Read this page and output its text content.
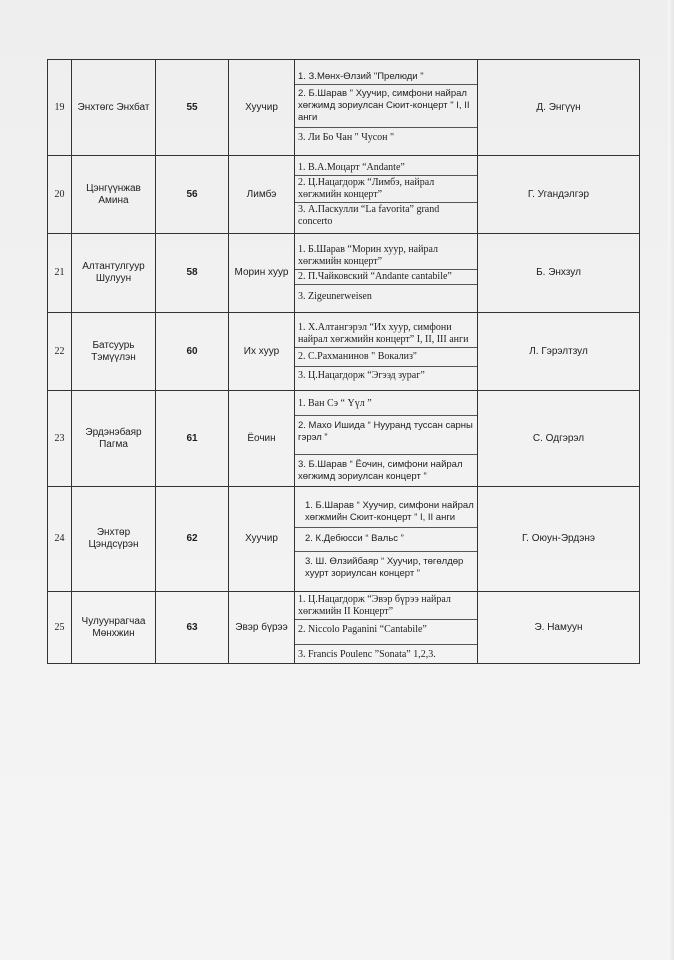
19	Энхтөгс Энхбат	55	Хуучир	1. З.Мөнх-Өлзий "Прелюди "
2. Б.Шарав " Хуучир, симфони найрал хөгжимд зориулсан Сюит-концерт " I, II анги
3. Ли Бо Чан " Чусон "	Д. Энгүүн
20	Цэнгүүнжав Амина	56	Лимбэ	1. В.А.Моцарт “Andante”
2. Ц.Нацагдорж “Лимбэ, найрал хөгжмийн концерт”
3. А.Паскулли “La favorita” grand concerto	Г. Угандэлгэр
21	Алтантулгуур Шулуун	58	Морин хуур	1. Б.Шарав “Морин хуур, найрал хөгжмийн концерт”
2. П.Чайковский “Andante cantabile”
3. Zigeunerweisen	Б. Энхзул
22	Батсуурь Тэмүүлэн	60	Их хуур	1. Х.Алтангэрэл “Их хуур, симфони найрал хөгжмийн концерт” I, II, III анги
2. С.Рахманинов " Вокализ"
3. Ц.Нацагдорж “Эгээд зураг”	Л. Гэрэлтзул
23	Эрдэнэбаяр Пагма	61	Ёочин	1. Ван Сэ “ Үүл ”
2. Махо Ишида “ Нууранд туссан сарны гэрэл ”
3. Б.Шарав “ Ёочин, симфони найрал хөгжимд зориулсан концерт ”	С. Одгэрэл
24	Энхтөр Цэндсүрэн	62	Хуучир	1. Б.Шарав “ Хуучир, симфони найрал хөгжмийн Сюит-концерт ” I, II анги
2. К.Дебюсси “ Вальс ”
3. Ш. Өлзийбаяр “ Хуучир, төгөлдөр хуурт зориулсан концерт ”	Г. Оюун-Эрдэнэ
25	Чулуунрагчаа Мөнхжин	63	Эвэр бүрээ	1. Ц.Нацагдорж “Эвэр бүрээ найрал хөгжмийн II Концерт”
2. Niccolo Paganini “Cantabile”
3. Francis Poulenc ”Sonata” 1,2,3.	Э. Намуун
